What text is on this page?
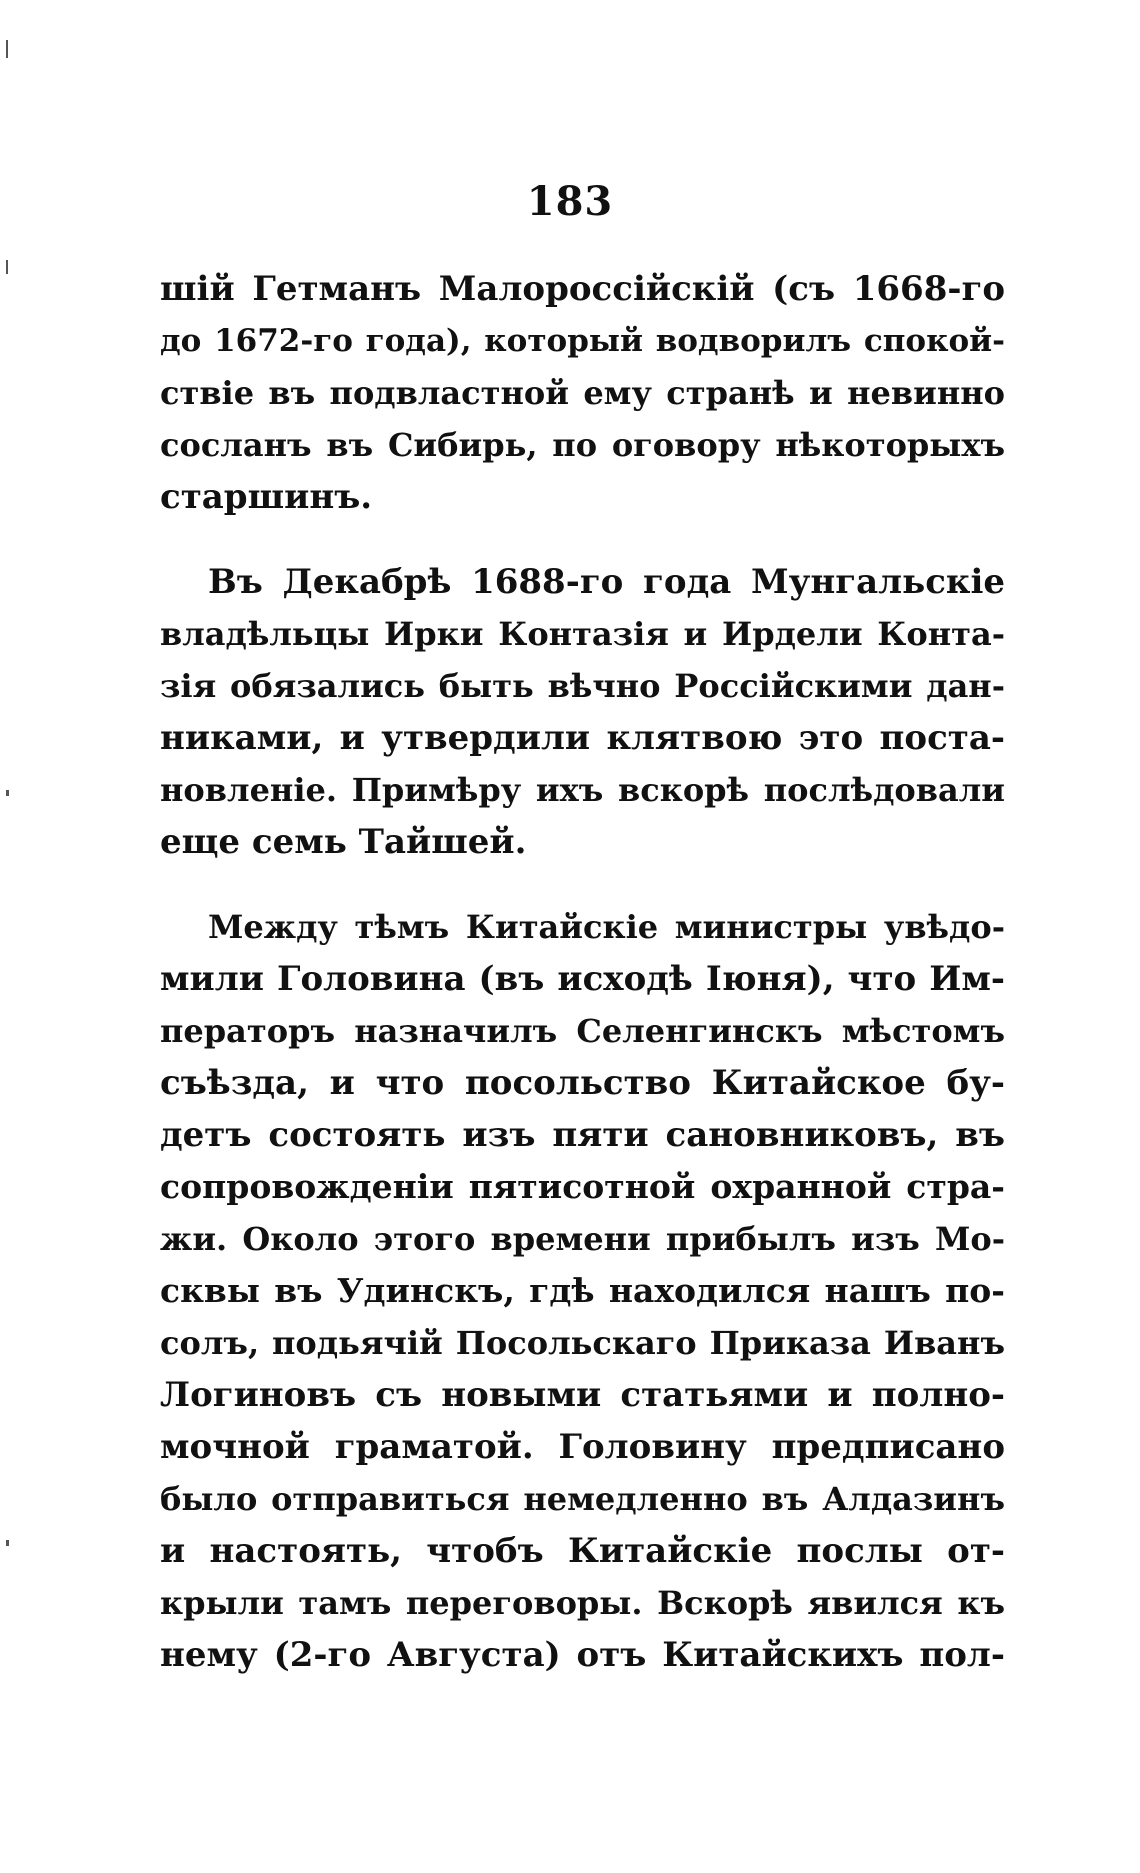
183

шій Гетманъ Малороссійскій (съ 1668-го
до 1672-го года), который водворилъ спокой-
ствіе въ подвластной ему странѣ и невинно
сосланъ въ Сибирь, по оговору нѣкоторыхъ
старшинъ.

Въ Декабрѣ 1688-го года Мунгальскіе
владѣльцы Ирки Контазія и Ирдели Конта-
зія обязались быть вѣчно Россійскими дан-
никами, и утвердили клятвою это поста-
новленіе. Примѣру ихъ вскорѣ послѣдовали
еще семь Тайшей.

Между тѣмъ Китайскіе министры увѣдо-
мили Головина (въ исходѣ Іюня), что Им-
ператоръ назначилъ Селенгинскъ мѣстомъ
съѣзда, и что посольство Китайское бу-
детъ состоять изъ пяти сановниковъ, въ
сопровожденіи пятисотной охранной стра-
жи. Около этого времени прибылъ изъ Мо-
сквы въ Удинскъ, гдѣ находился нашъ по-
солъ, подьячій Посольскаго Приказа Иванъ
Логиновъ съ новыми статьями и полно-
мочной граматой. Головину предписано
было отправиться немедленно въ Алдазинъ
и настоять, чтобъ Китайскіе послы от-
крыли тамъ переговоры. Вскорѣ явился къ
нему (2-го Августа) отъ Китайскихъ пол-
